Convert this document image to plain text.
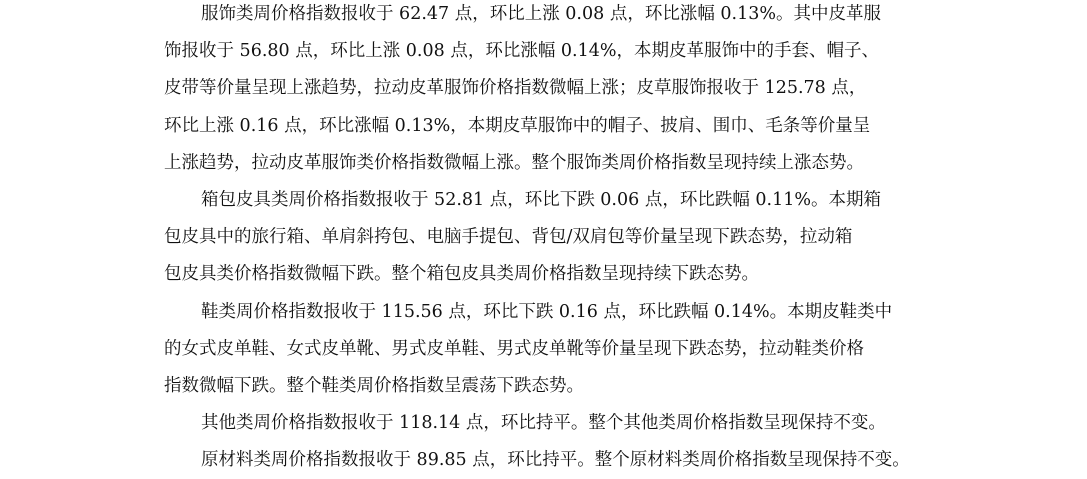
服饰类周价格指数报收于 62.47 点，环比上涨 0.08 点，环比涨幅 0.13%。其中皮革服
饰报收于 56.80 点，环比上涨 0.08 点，环比涨幅 0.14%，本期皮革服饰中的手套、帽子、
皮带等价量呈现上涨趋势，拉动皮革服饰价格指数微幅上涨；皮草服饰报收于 125.78 点，
环比上涨 0.16 点，环比涨幅 0.13%，本期皮草服饰中的帽子、披肩、围巾、毛条等价量呈
上涨趋势，拉动皮革服饰类价格指数微幅上涨。整个服饰类周价格指数呈现持续上涨态势。
箱包皮具类周价格指数报收于 52.81 点，环比下跌 0.06 点，环比跌幅 0.11%。本期箱
包皮具中的旅行箱、单肩斜挎包、电脑手提包、背包/双肩包等价量呈现下跌态势，拉动箱
包皮具类价格指数微幅下跌。整个箱包皮具类周价格指数呈现持续下跌态势。
鞋类周价格指数报收于 115.56 点，环比下跌 0.16 点，环比跌幅 0.14%。本期皮鞋类中
的女式皮单鞋、女式皮单靴、男式皮单鞋、男式皮单靴等价量呈现下跌态势，拉动鞋类价格
指数微幅下跌。整个鞋类周价格指数呈震荡下跌态势。
其他类周价格指数报收于 118.14 点，环比持平。整个其他类周价格指数呈现保持不变。
原材料类周价格指数报收于 89.85 点，环比持平。整个原材料类周价格指数呈现保持不变。
